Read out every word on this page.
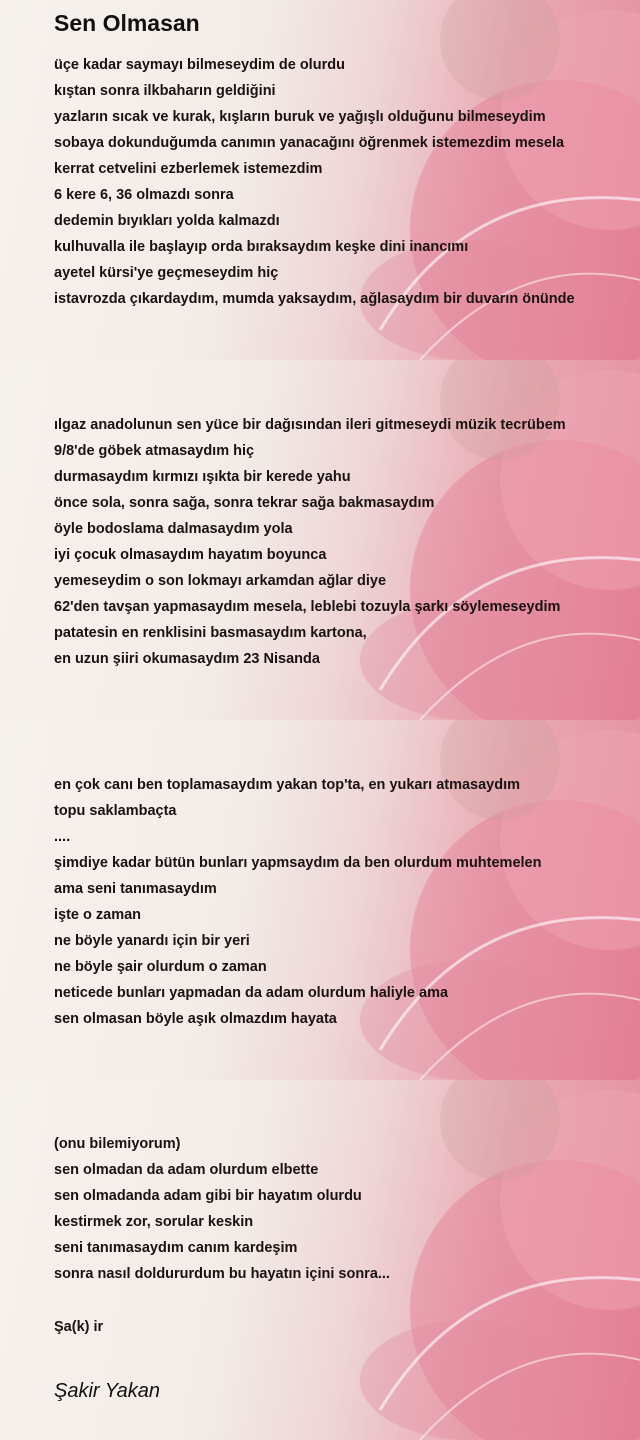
Sen Olmasan
üçe kadar saymayı bilmeseydim de olurdu
kıştan sonra ilkbaharın geldiğini
yazların sıcak ve kurak, kışların buruk ve yağışlı olduğunu bilmeseydim
sobaya dokunduğumda canımın yanacağını öğrenmek istemezdim mesela
kerrat cetvelini ezberlemek istemezdim
6 kere 6, 36 olmazdı sonra
dedemin bıyıkları yolda kalmazdı
kulhuvalla ile başlayıp orda bıraksaydım keşke dini inancımı
ayetel kürsi'ye geçmeseydim hiç
istavrozda çıkardaydım, mumda yaksaydım, ağlasaydım bir duvarın önünde
ılgaz anadolunun sen yüce bir dağısından ileri gitmeseydi müzik tecrübem
9/8'de göbek atmasaydım hiç
durmasaydım kırmızı ışıkta bir kerede yahu
önce sola, sonra sağa, sonra tekrar sağa bakmasaydım
öyle bodoslama dalmasaydım yola
iyi çocuk olmasaydım hayatım boyunca
yemeseydim o son lokmayı arkamdan ağlar diye
62'den tavşan yapmasaydım mesela, leblebi tozuyla şarkı söylemeseydim
patatesin en renklisini basmasaydım kartona,
en uzun şiiri okumasaydım 23 Nisanda
en çok canı ben toplamasaydım yakan top'ta, en yukarı atmasaydım
topu saklambaçta
....
şimdiye kadar bütün bunları yapmsaydım da ben olurdum muhtemelen
ama seni tanımasaydım
işte o zaman
ne böyle yanardı için bir yeri
ne böyle şair olurdum o zaman
neticede bunları yapmadan da adam olurdum haliyle ama
sen olmasan böyle aşık olmazdım hayata
(onu bilemiyorum)
sen olmadan da adam olurdum elbette
sen olmadanda adam gibi bir hayatım olurdu
kestirmek zor, sorular keskin
seni tanımasaydım canım kardeşim
sonra nasıl doldururdum bu hayatın içini sonra...
Şa(k) ir
Şakir Yakan
